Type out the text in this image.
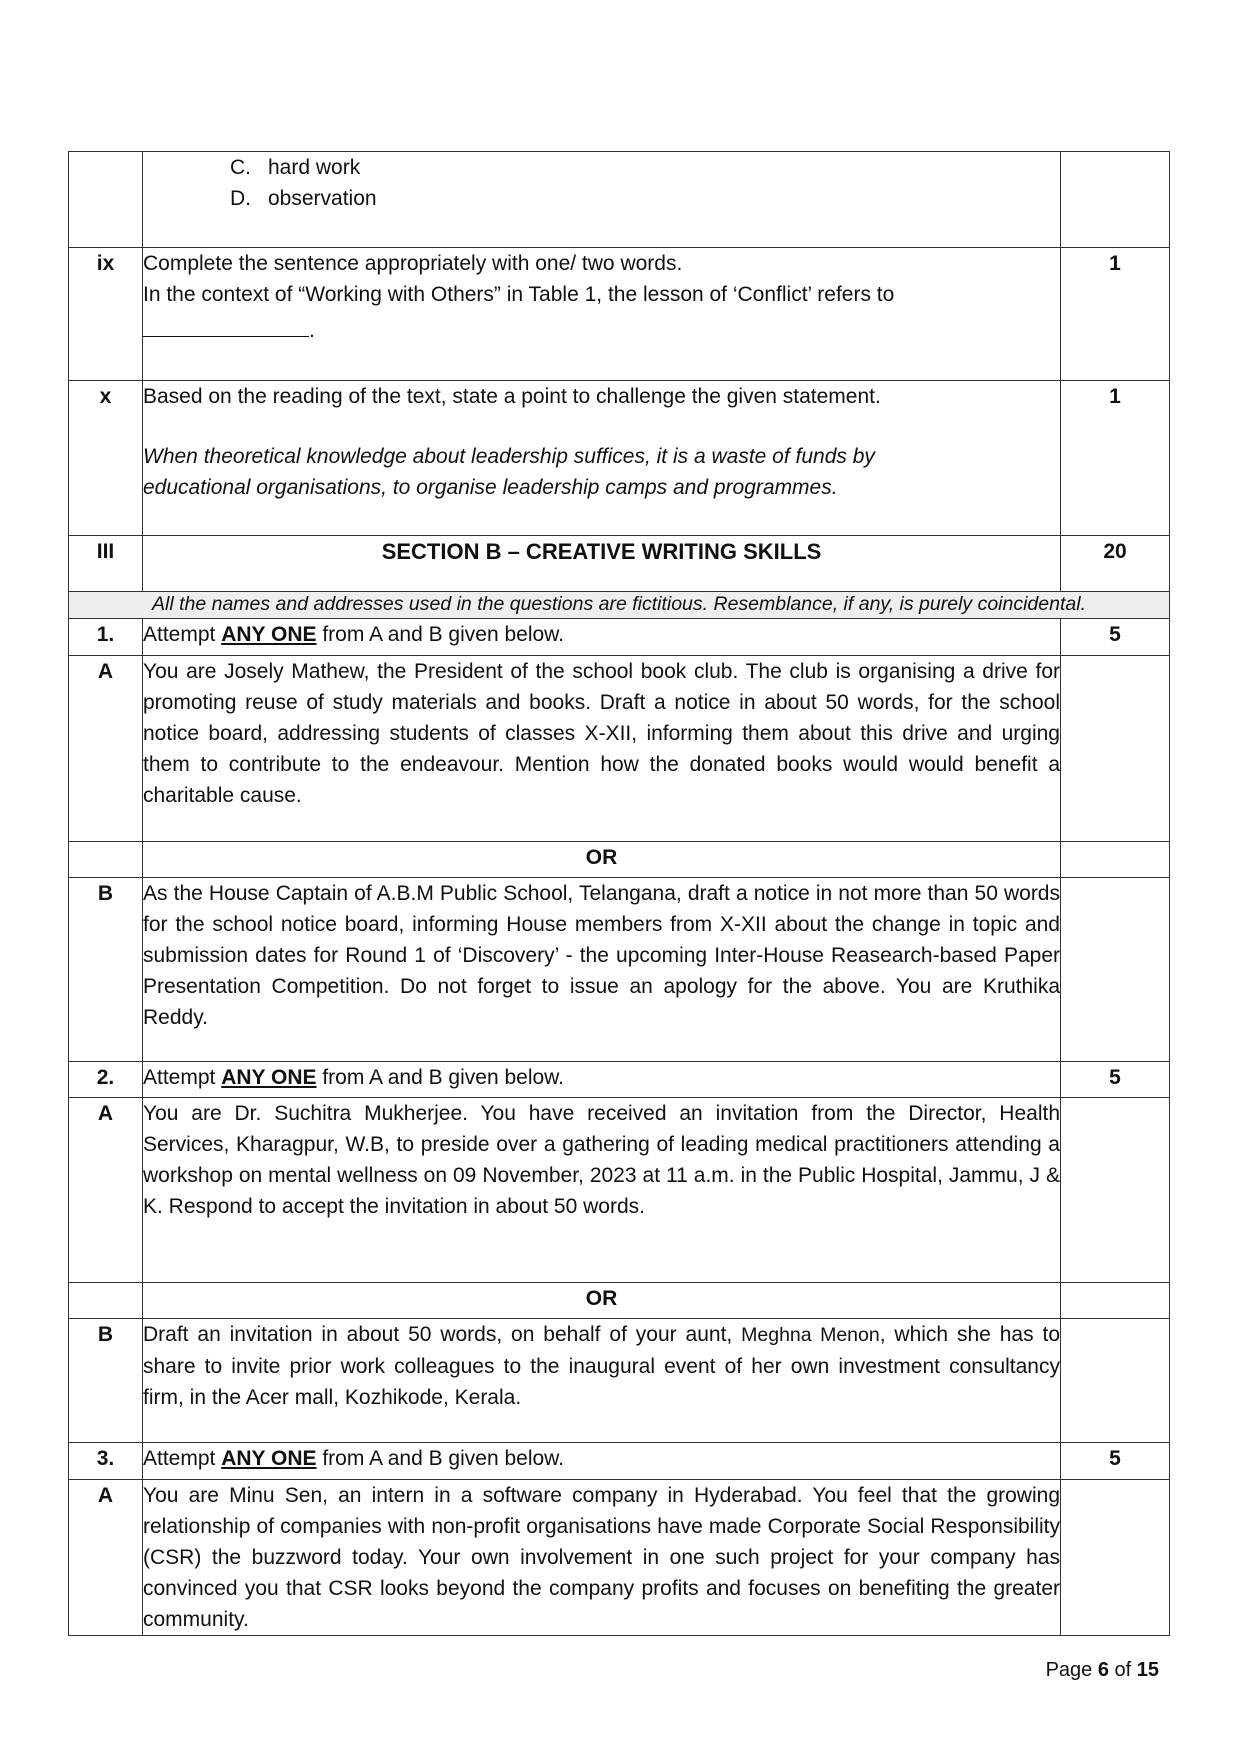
	C. hard work
D. observation	

ix	Complete the sentence appropriately with one/ two words.
In the context of “Working with Others” in Table 1, the lesson of ‘Conflict’ refers to
.	1
x	Based on the reading of the text, state a point to challenge the given statement.
When theoretical knowledge about leadership suffices, it is a waste of funds by
educational organisations, to organise leadership camps and programmes.	1
III	SECTION B – CREATIVE WRITING SKILLS	20
All the names and addresses used in the questions are fictitious. Resemblance, if any, is purely coincidental.		
1.	Attempt ANY ONE from A and B given below.	5
A	You are Josely Mathew, the President of the school book club. The club is organising a drive for promoting reuse of study materials and books. Draft a notice in about 50 words, for the school notice board, addressing students of classes X-XII, informing them about this drive and urging them to contribute to the endeavour. Mention how the donated books would would benefit a charitable cause.	
	OR	
B	As the House Captain of A.B.M Public School, Telangana, draft a notice in not more than 50 words for the school notice board, informing House members from X-XII about the change in topic and submission dates for Round 1 of ‘Discovery’ - the upcoming Inter-House Reasearch-based Paper Presentation Competition. Do not forget to issue an apology for the above. You are Kruthika Reddy.	
2.	Attempt ANY ONE from A and B given below.	5
A	You are Dr. Suchitra Mukherjee. You have received an invitation from the Director, Health Services, Kharagpur, W.B, to preside over a gathering of leading medical practitioners attending a workshop on mental wellness on 09 November, 2023 at 11 a.m. in the Public Hospital, Jammu, J & K. Respond to accept the invitation in about 50 words.	
	OR	
B	Draft an invitation in about 50 words, on behalf of your aunt, Meghna Menon, which she has to share to invite prior work colleagues to the inaugural event of her own investment consultancy firm, in the Acer mall, Kozhikode, Kerala.	
3.	Attempt ANY ONE from A and B given below.	5
A	You are Minu Sen, an intern in a software company in Hyderabad. You feel that the growing relationship of companies with non-profit organisations have made Corporate Social Responsibility (CSR) the buzzword today. Your own involvement in one such project for your company has convinced you that CSR looks beyond the company profits and focuses on benefiting the greater community.	
Page 6 of 15
